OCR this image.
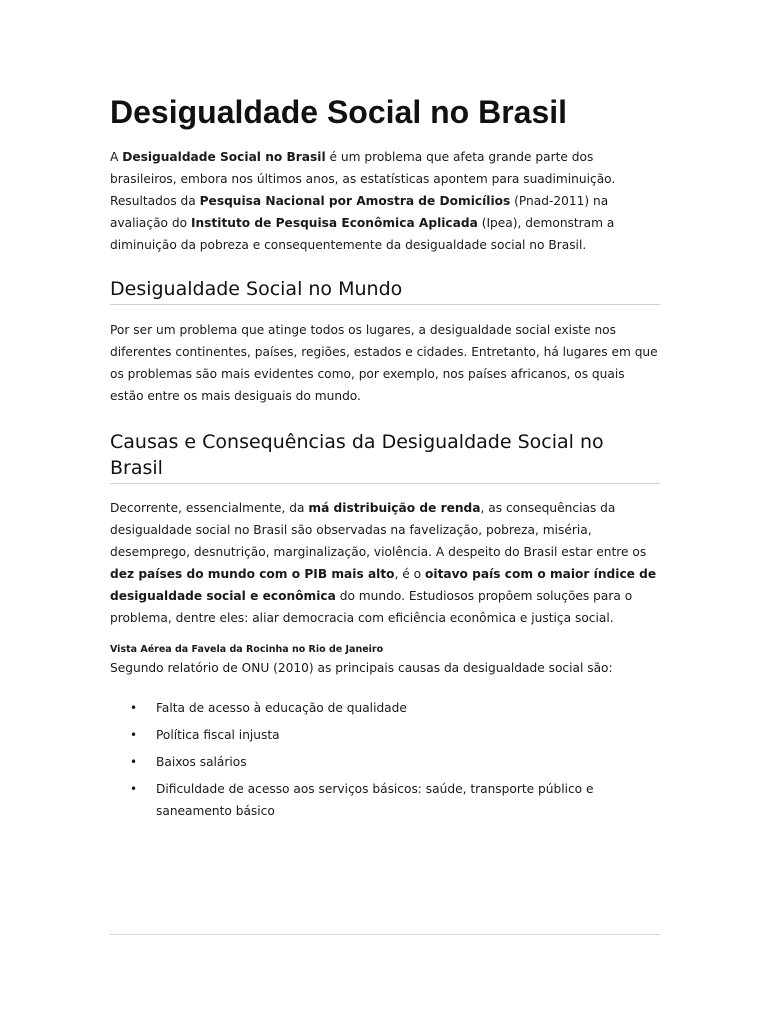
Desigualdade Social no Brasil

A Desigualdade Social no Brasil é um problema que afeta grande parte dos brasileiros, embora nos últimos anos, as estatísticas apontem para suadiminuição. Resultados da Pesquisa Nacional por Amostra de Domicílios (Pnad-2011) na avaliação do Instituto de Pesquisa Econômica Aplicada (Ipea), demonstram a diminuição da pobreza e consequentemente da desigualdade social no Brasil.

Desigualdade Social no Mundo

Por ser um problema que atinge todos os lugares, a desigualdade social existe nos diferentes continentes, países, regiões, estados e cidades. Entretanto, há lugares em que os problemas são mais evidentes como, por exemplo, nos países africanos, os quais estão entre os mais desiguais do mundo.

Causas e Consequências da Desigualdade Social no Brasil

Decorrente, essencialmente, da má distribuição de renda, as consequências da desigualdade social no Brasil são observadas na favelização, pobreza, miséria, desemprego, desnutrição, marginalização, violência. A despeito do Brasil estar entre os dez países do mundo com o PIB mais alto, é o oitavo país com o maior índice de desigualdade social e econômica do mundo. Estudiosos propõem soluções para o problema, dentre eles: aliar democracia com eficiência econômica e justiça social.

Vista Aérea da Favela da Rocinha no Rio de Janeiro

Segundo relatório de ONU (2010) as principais causas da desigualdade social são:

• Falta de acesso à educação de qualidade
• Política fiscal injusta
• Baixos salários
• Dificuldade de acesso aos serviços básicos: saúde, transporte público e saneamento básico
